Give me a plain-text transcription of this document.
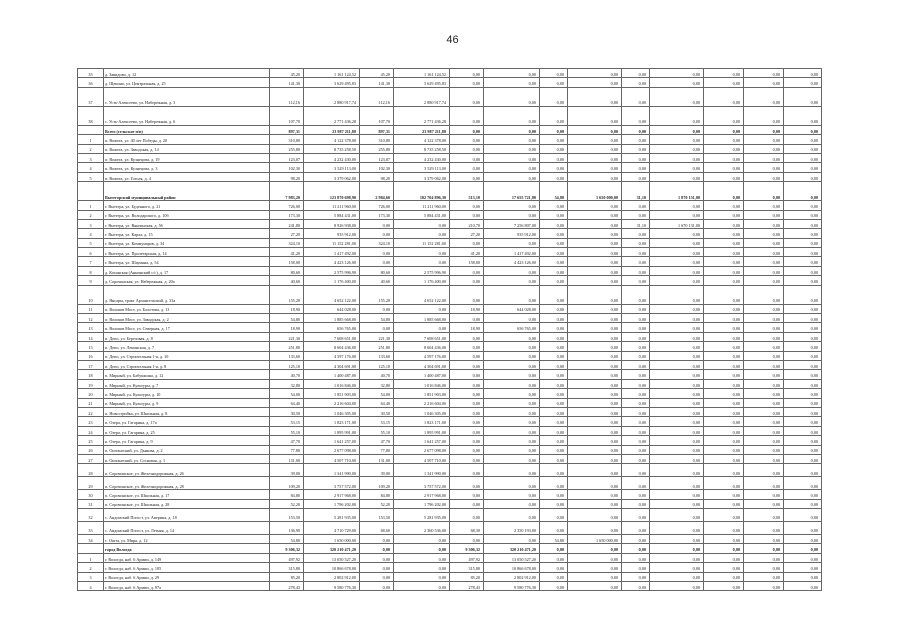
46
35	д. Завидово, д. 12	45,20	1 161 124,52	45,20	1 161 124,52	0,00	0,00	0,00	0,00	0,00	0,00	0,00	0,00	0,00
36	д. Щекино, ул. Центральная, д. 25	141,30	3 629 495,83	141,30	3 629 495,83	0,00	0,00	0,00	0,00	0,00	0,00	0,00	0,00	0,00
37	с. Усть-Алексеево, ул. Набережная, д. 3	112,16	2 880 917,74	112,16	2 880 917,74	0,00	0,00	0,00	0,00	0,00	0,00	0,00	0,00	0,00
38	с. Усть-Алексеево, ул. Набережная, д. 6	107,70	2 771 436,28	107,70	2 771 436,28	0,00	0,00	0,00	0,00	0,00	0,00	0,00	0,00	0,00
	Всего (сельское п/п)	897,31	23 987 211,80	897,31	23 987 211,80	0,00	0,00	0,00	0,00	0,00	0,00	0,00	0,00	0,00
1	п. Вожега, ул. 40 лет Победы, д. 20	310,80	4 122 378,00	310,80	4 122 378,00	0,00	0,00	0,00	0,00	0,00	0,00	0,00	0,00	0,00
2	п. Вожега, ул. Заводская, д. 14	255,80	8 735 258,50	255,80	8 735 258,50	0,00	0,00	0,00	0,00	0,00	0,00	0,00	0,00	0,00
3	п. Вожега, ул. Кузнецова, д. 19	123,07	4 232 430,00	123,07	4 232 430,00	0,00	0,00	0,00	0,00	0,00	0,00	0,00	0,00	0,00
4	п. Вожега, ул. Кузнецова, д. 3	102,30	3 529 113,00	102,30	3 529 113,00	0,00	0,00	0,00	0,00	0,00	0,00	0,00	0,00	0,00
5	п. Вожега, ул. Гоголя, д. 4	98,20	3 379 062,00	98,20	3 379 062,00	0,00	0,00	0,00	0,00	0,00	0,00	0,00	0,00	0,00
	Вытегорский муниципальный район	7 983,20	123 870 698,90	2 984,60	102 704 896,30	513,10	17 655 721,80	54,80	1 650 000,00	31,10	1 870 151,00	0,00	0,00	0,00
1	г. Вытегра, ул. Буденного, д. 21	726,00	11 211 960,00	726,00	11 211 960,00	0,00	0,00	0,00	0,00	0,00	0,00	0,00	0,00	0,00
2	г. Вытегра, ул. Володарского, д. 10б	173,30	5 884 431,00	173,30	5 884 431,00	0,00	0,00	0,00	0,00	0,00	0,00	0,00	0,00	0,00
3	г. Вытегра, ул. Вянгинская, д. 56	241,80	8 926 938,00	0,00	0,00	210,70	7 256 807,00	0,00	0,00	31,10	1 670 131,00	0,00	0,00	0,00
4	г. Вытегра, ул. Карла, д. 15	27,20	935 912,00	0,00	0,00	27,20	935 912,00	0,00	0,00	0,00	0,00	0,00	0,00	0,00
5	г. Вытегра, ул. Коммунаров, д. 34	324,10	11 152 281,00	324,10	11 152 281,00	0,00	0,00	0,00	0,00	0,00	0,00	0,00	0,00	0,00
6	г. Вытегра, ул. Пролетарская, д. 14	41,20	1 417 492,00	0,00	0,00	41,20	1 417 492,00	0,00	0,00	0,00	0,00	0,00	0,00	0,00
7	г. Вытегра, ул. Шаумяна, д. 54	158,00	4 423 126,00	0,00	0,00	158,00	4 423 126,00	0,00	0,00	0,00	0,00	0,00	0,00	0,00
8	д. Коханская (Аннинский с/с), д. 17	80,60	2 575 996,90	80,60	2 575 996,90	0,00	0,00	0,00	0,00	0,00	0,00	0,00	0,00	0,00
9	д. Сорочинская, ул. Набережная, д. 20а	40,60	1 176 400,00	40,60	1 176 400,00	0,00	0,00	0,00	0,00	0,00	0,00	0,00	0,00	0,00
10	д. Янсары, тракт Архангельский, д. 33а	155,20	4 652 122,00	155,20	4 652 122,00	0,00	0,00	0,00	0,00	0,00	0,00	0,00	0,00	0,00
11	п. Волоков Мост, ул. Болотова, д. 13	18,90	644 028,00	0,00	0,00	18,90	644 028,00	0,00	0,00	0,00	0,00	0,00	0,00	0,00
12	п. Волоков Мост, ул. Заводская, д. 2	54,80	1 885 668,00	54,80	1 885 668,00	0,00	0,00	0,00	0,00	0,00	0,00	0,00	0,00	0,00
13	п. Волоков Мост, ул. Северная, д. 17	18,90	656 765,00	0,00	0,00	18,90	656 765,00	0,00	0,00	0,00	0,00	0,00	0,00	0,00
14	п. Депо, ул. Березовая, д. 8	221,30	7 608 651,00	221,30	7 608 651,00	0,00	0,00	0,00	0,00	0,00	0,00	0,00	0,00	0,00
15	п. Депо, ул. Ленинская, д. 7	251,80	8 604 436,00	251,80	8 604 436,00	0,00	0,00	0,00	0,00	0,00	0,00	0,00	0,00	0,00
16	п. Депо, ул. Строительная 1-я, д. 10	133,60	4 597 176,00	133,60	4 597 176,00	0,00	0,00	0,00	0,00	0,00	0,00	0,00	0,00	0,00
17	п. Депо, ул. Строительная 1-я, д. 8	125,10	4 304 691,00	125,10	4 304 691,00	0,00	0,00	0,00	0,00	0,00	0,00	0,00	0,00	0,00
18	п. Мирный, ул. Бабушкина, д. 12	40,70	1 400 487,00	40,70	1 400 487,00	0,00	0,00	0,00	0,00	0,00	0,00	0,00	0,00	0,00
19	п. Мирный, ул. Культуры, д. 7	32,80	1 016 846,00	32,80	1 016 846,00	0,00	0,00	0,00	0,00	0,00	0,00	0,00	0,00	0,00
20	п. Мирный, ул. Культуры, д. 10	54,00	1 851 903,00	54,00	1 851 903,00	0,00	0,00	0,00	0,00	0,00	0,00	0,00	0,00	0,00
21	п. Мирный, ул. Культуры, д. 9	64,40	2 216 604,00	64,40	2 216 604,00	0,00	0,00	0,00	0,00	0,00	0,00	0,00	0,00	0,00
22	п. Новостройка, ул. Школьная, д. 8	30,50	1 046 305,00	30,50	1 046 305,00	0,00	0,00	0,00	0,00	0,00	0,00	0,00	0,00	0,00
23	п. Озера, ул. Гагарина, д. 17а	53,15	1 823 171,00	53,15	1 823 171,00	0,00	0,00	0,00	0,00	0,00	0,00	0,00	0,00	0,00
24	п. Озера, ул. Гагарина, д. 25	55,10	1 895 991,00	55,10	1 895 991,00	0,00	0,00	0,00	0,00	0,00	0,00	0,00	0,00	0,00
25	п. Озера, ул. Гагарина, д. 9	47,70	1 641 257,00	47,70	1 641 257,00	0,00	0,00	0,00	0,00	0,00	0,00	0,00	0,00	0,00
26	п. Оштангский, ул. Дьякова, д. 2	77,80	2 677 098,00	77,80	2 677 098,00	0,00	0,00	0,00	0,00	0,00	0,00	0,00	0,00	0,00
27	п. Оштангский, ул. Сосновая, д. 1	131,00	4 507 710,00	131,00	4 507 710,00	0,00	0,00	0,00	0,00	0,00	0,00	0,00	0,00	0,00
28	п. Сорочинское, ул. Железнодорожная, д. 26	39,00	1 341 990,00	39,00	1 341 990,00	0,00	0,00	0,00	0,00	0,00	0,00	0,00	0,00	0,00
29	п. Сорочинское, ул. Железнодорожная, д. 28	109,20	3 757 572,00	109,20	3 757 572,00	0,00	0,00	0,00	0,00	0,00	0,00	0,00	0,00	0,00
30	п. Сорочинское, ул. Школьная, д. 17	84,80	2 917 968,00	84,80	2 917 968,00	0,00	0,00	0,00	0,00	0,00	0,00	0,00	0,00	0,00
31	п. Сорочинское, ул. Школьная, д. 28	52,20	1 796 202,00	52,20	1 796 202,00	0,00	0,00	0,00	0,00	0,00	0,00	0,00	0,00	0,00
32	с. Андомский Погост, ул. Аверина, д. 18	153,50	5 281 935,00	153,50	5 281 935,00	0,00	0,00	0,00	0,00	0,00	0,00	0,00	0,00	0,00
33	с. Андомский Погост, ул. Летняя, д. 14	136,90	4 710 729,00	68,60	2 360 536,00	68,30	2 350 193,00	0,00	0,00	0,00	0,00	0,00	0,00	0,00
34	с. Ошта, ул. Мира, д. 12	54,80	1 650 000,00	0,00	0,00	0,00	0,00	54,80	1 650 000,00	0,00	0,00	0,00	0,00	0,00
	город Вологда	9 306,32	320 210 471,20	0,00	0,00	9 306,32	320 210 471,20	0,00	0,00	0,00	0,00	0,00	0,00	0,00
1	г. Вологда, наб. 6 Армии, д. 149	497,92	13 050 527,20	0,00	0,00	497,92	13 050 527,20	0,00	0,00	0,00	0,00	0,00	0,00	0,00
2	г. Вологда, наб. 6 Армии, д. 185	315,80	10 866 678,00	0,00	0,00	315,80	10 866 678,00	0,00	0,00	0,00	0,00	0,00	0,00	0,00
3	г. Вологда, наб. 6 Армии, д. 29	85,20	2 802 912,00	0,00	0,00	85,20	2 802 912,00	0,00	0,00	0,00	0,00	0,00	0,00	0,00
4	г. Вологда, наб. 6 Армии, д. 97а	278,43	9 580 776,30	0,00	0,00	278,43	9 580 776,30	0,00	0,00	0,00	0,00	0,00	0,00	0,00
